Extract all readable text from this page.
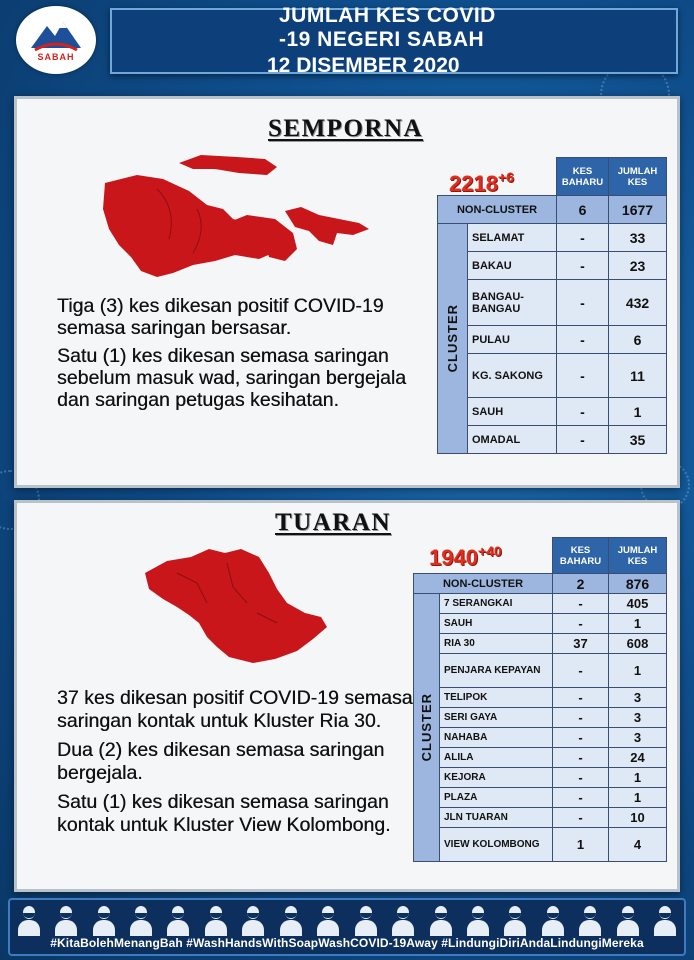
SABAH
JUMLAH KES COVID -19 NEGERI SABAH
12 DISEMBER 2020
SEMPORNA
$2218^{+6}$
		KES BAHARU	JUMLAH KES
NON-CLUSTER		6	1677

CLUSTER	SELAMAT	-	33
	BAKAU	-	23
	BANGAU-BANGAU	-	432
	PULAU	-	6
	KG. SAKONG	-	11
	SAUH	-	1
	OMADAL	-	35

Tiga (3) kes dikesan positif COVID-19 semasa saringan bersasar.

Satu (1) kes dikesan semasa saringan sebelum masuk wad, saringan bergejala dan saringan petugas kesihatan.

TUARAN
$1940^{+40}$
		KES BAHARU	JUMLAH KES
NON-CLUSTER		2	876

CLUSTER	7 SERANGKAI	-	405
	SAUH	-	1
	RIA 30	37	608
	PENJARA KEPAYAN	-	1
	TELIPOK	-	3
	SERI GAYA	-	3
	NAHABA	-	3
	ALILA	-	24
	KEJORA	-	1
	PLAZA	-	1
	JLN TUARAN	-	10
	VIEW KOLOMBONG	1	4

37 kes dikesan positif COVID-19 semasa saringan kontak untuk Kluster Ria 30.

Dua (2) kes dikesan semasa saringan bergejala.

Satu (1) kes dikesan semasa saringan kontak untuk Kluster View Kolombong.

#KitaBolehMenangBah #WashHandsWithSoapWashCOVID-19Away #LindungiDiriAndaLindungiMereka
